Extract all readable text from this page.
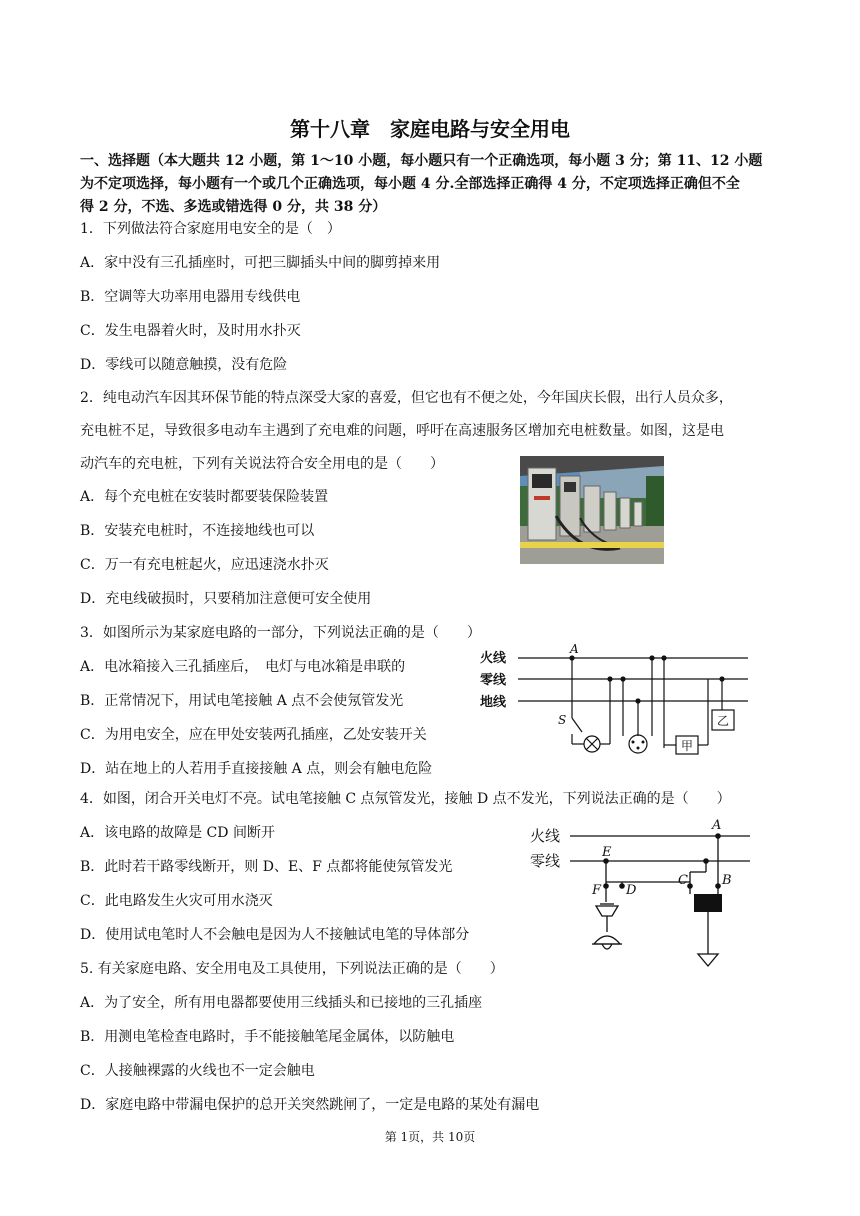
第十八章　家庭电路与安全用电
一、选择题（本大题共 12 小题，第 1～10 小题，每小题只有一个正确选项，每小题 3 分；第 11、12 小题
为不定项选择，每小题有一个或几个正确选项，每小题 4 分.全部选择正确得 4 分，不定项选择正确但不全
得 2 分，不选、多选或错选得 0 分，共 38 分）
1．下列做法符合家庭用电安全的是（　）
A．家中没有三孔插座时，可把三脚插头中间的脚剪掉来用
B．空调等大功率用电器用专线供电
C．发生电器着火时，及时用水扑灭
D．零线可以随意触摸，没有危险
2．纯电动汽车因其环保节能的特点深受大家的喜爱，但它也有不便之处，今年国庆长假，出行人员众多，
充电桩不足，导致很多电动车主遇到了充电难的问题，呼吁在高速服务区增加充电桩数量。如图，这是电
动汽车的充电桩，下列有关说法符合安全用电的是（　　）
A．每个充电桩在安装时都要装保险装置
B．安装充电桩时，不连接地线也可以
C．万一有充电桩起火，应迅速浇水扑灭
D．充电线破损时，只要稍加注意便可安全使用
3．如图所示为某家庭电路的一部分，下列说法正确的是（　　）
A．电冰箱接入三孔插座后，　电灯与电冰箱是串联的
B．正常情况下，用试电笔接触 A 点不会使氖管发光
C．为用电安全，应在甲处安装两孔插座，乙处安装开关
D．站在地上的人若用手直接接触 A 点，则会有触电危险
火线
零线
地线
A
S
甲
乙
4．如图，闭合开关电灯不亮。试电笔接触 C 点氖管发光，接触 D 点不发光，下列说法正确的是（　　）
A．该电路的故障是 CD 间断开
B．此时若干路零线断开，则 D、E、F 点都将能使氖管发光
C．此电路发生火灾可用水浇灭
D．使用试电笔时人不会触电是因为人不接触试电笔的导体部分
火线
零线
A
B
C
D
E
F
5. 有关家庭电路、安全用电及工具使用，下列说法正确的是（　　）
A．为了安全，所有用电器都要使用三线插头和已接地的三孔插座
B．用测电笔检查电路时，手不能接触笔尾金属体，以防触电
C．人接触裸露的火线也不一定会触电
D．家庭电路中带漏电保护的总开关突然跳闸了，一定是电路的某处有漏电
第 1页，共 10页
